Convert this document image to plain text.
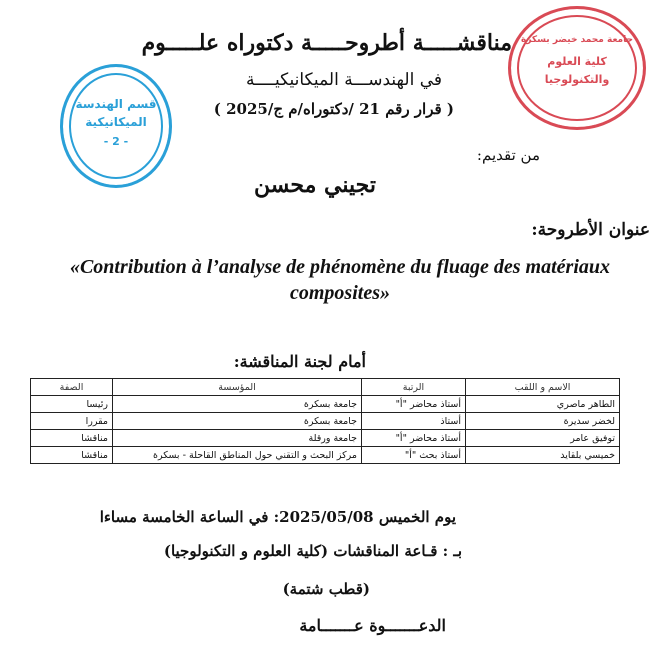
قسم الهندسة
الميكانيكية
- 2 -
جامعة محمد خيضر بسكرة
كلية العلوم
والتكنولوجيا
مناقشـــــة أطروحـــــة دكتوراه علـــــوم
في الهندســـة الميكانيكيــــة
( قرار رقم 21 /دكتوراه/م ج/2025 )
من تقديم:
تجيني محسن
عنوان الأطروحة:
«Contribution à l’analyse de phénomène du fluage des matériaux composites»
أمام لجنة المناقشة:
الاسم و اللقب	الرتبة	المؤسسة	الصفة
الطاهر ماصري	أستاذ محاضر "أ"	جامعة بسكرة	رئيسا
لخضر سديرة	أستاذ	جامعة بسكرة	مقررا
توفيق عامر	أستاذ محاضر "أ"	جامعة ورقلة	مناقشا
خميسي بلقايد	أستاذ بحث "أ"	مركز البحث و التقني حول المناطق القاحلة - بسكرة	مناقشا
يوم الخميس 2025/05/08: في الساعة الخامسة مساءا
بـ : قـاعة المناقشات (كلية العلوم و التكنولوجيا)
(قطب شتمة)
الدعـــــــوة عـــــــامة
